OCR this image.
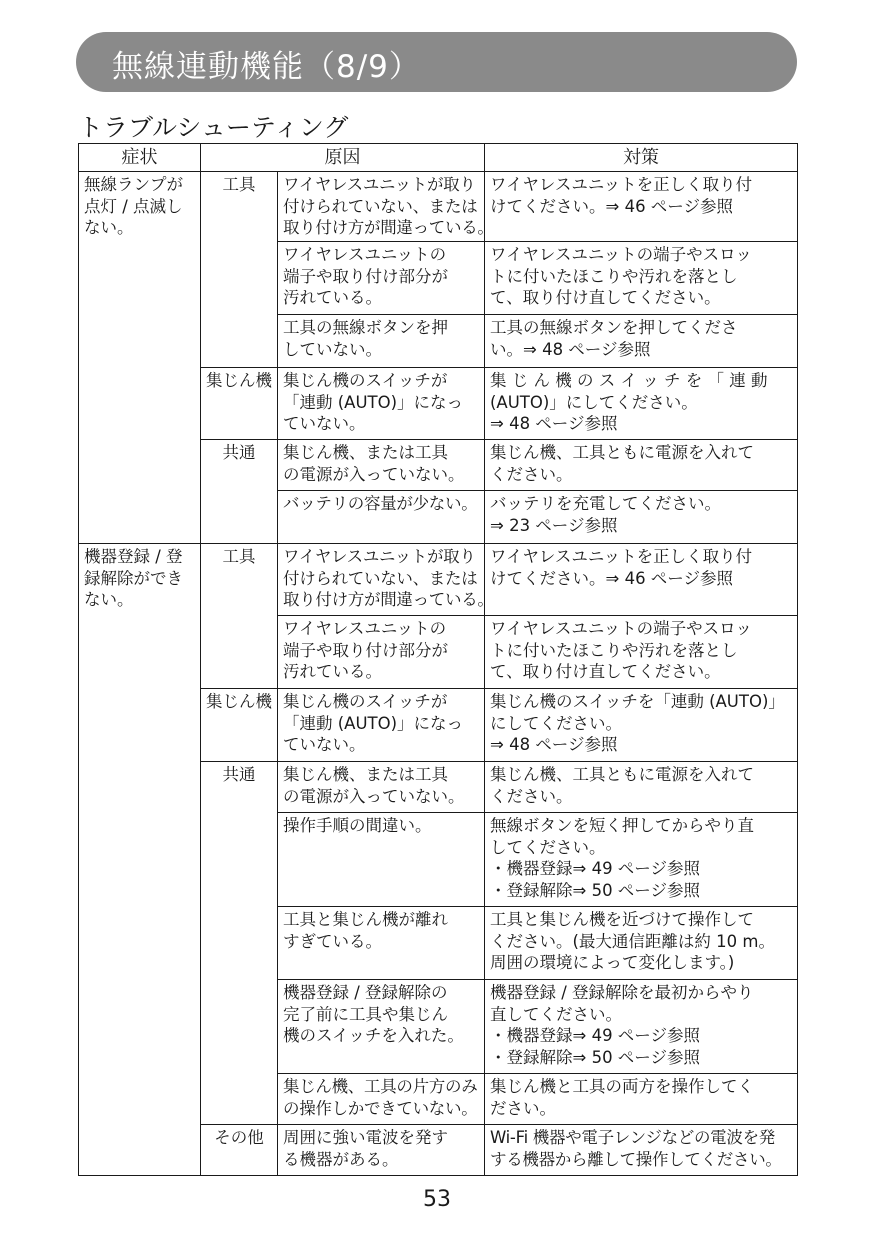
無線連動機能（8/9）
トラブルシューティング
症状	原因		対策

無線ランプが
点灯 / 点滅し
ない。	工具	ワイヤレスユニットが取り
付けられていない、または
取り付け方が間違っている。	ワイヤレスユニットを正しく取り付
けてください。⇒ 46 ページ参照

		ワイヤレスユニットの
端子や取り付け部分が
汚れている。	ワイヤレスユニットの端子やスロッ
トに付いたほこりや汚れを落とし
て、取り付け直してください。

		工具の無線ボタンを押
していない。	工具の無線ボタンを押してくださ
い。⇒ 48 ページ参照

	集じん機	集じん機のスイッチが
「連動 (AUTO)」になっ
ていない。	集 じ ん 機 の ス イ ッ チ を 「 連 動
(AUTO)」にしてください。
⇒ 48 ページ参照

	共通	集じん機、または工具
の電源が入っていない。	集じん機、工具ともに電源を入れて
ください。

		バッテリの容量が少ない。	バッテリを充電してください。
⇒ 23 ページ参照

機器登録 / 登
録解除ができ
ない。	工具	ワイヤレスユニットが取り
付けられていない、または
取り付け方が間違っている。	ワイヤレスユニットを正しく取り付
けてください。⇒ 46 ページ参照

		ワイヤレスユニットの
端子や取り付け部分が
汚れている。	ワイヤレスユニットの端子やスロッ
トに付いたほこりや汚れを落とし
て、取り付け直してください。

	集じん機	集じん機のスイッチが
「連動 (AUTO)」になっ
ていない。	集じん機のスイッチを「連動 (AUTO)」
にしてください。
⇒ 48 ページ参照

	共通	集じん機、または工具
の電源が入っていない。	集じん機、工具ともに電源を入れて
ください。

		操作手順の間違い。	無線ボタンを短く押してからやり直
してください。
・機器登録⇒ 49 ページ参照
・登録解除⇒ 50 ページ参照

		工具と集じん機が離れ
すぎている。	工具と集じん機を近づけて操作して
ください。(最大通信距離は約 10 m。
周囲の環境によって変化します。)

		機器登録 / 登録解除の
完了前に工具や集じん
機のスイッチを入れた。	機器登録 / 登録解除を最初からやり
直してください。
・機器登録⇒ 49 ページ参照
・登録解除⇒ 50 ページ参照

		集じん機、工具の片方のみ
の操作しかできていない。	集じん機と工具の両方を操作してく
ださい。

	その他	周囲に強い電波を発す
る機器がある。	Wi-Fi 機器や電子レンジなどの電波を発
する機器から離して操作してください。
53
